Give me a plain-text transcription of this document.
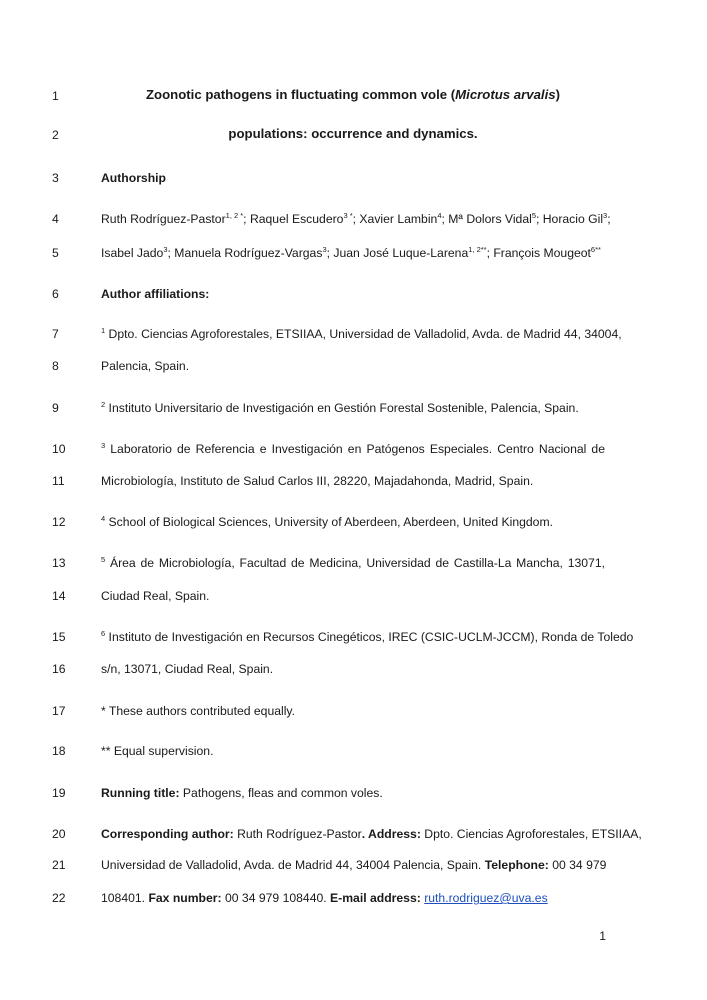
1
2
3
4
5
6
7
8
9
10
11
12
13
14
15
16
17
18
19
20
21
22
Zoonotic pathogens in fluctuating common vole (Microtus arvalis)
populations: occurrence and dynamics.
Authorship
Ruth Rodríguez-Pastor$^{1, 2 *}$; Raquel Escudero$^{3 *}$; Xavier Lambin$^4$; Mª Dolors Vidal$^5$; Horacio Gil$^3$;
Isabel Jado$^3$; Manuela Rodríguez-Vargas$^3$; Juan José Luque-Larena$^{1, 2**}$; François Mougeot$^{6**}$
Author affiliations:
$^1$ Dpto. Ciencias Agroforestales, ETSIIAA, Universidad de Valladolid, Avda. de Madrid 44, 34004,
Palencia, Spain.
$^2$ Instituto Universitario de Investigación en Gestión Forestal Sostenible, Palencia, Spain.
$^3$ Laboratorio de Referencia e Investigación en Patógenos Especiales. Centro Nacional de
Microbiología, Instituto de Salud Carlos III, 28220, Majadahonda, Madrid, Spain.
$^4$ School of Biological Sciences, University of Aberdeen, Aberdeen, United Kingdom.
$^5$ Área de Microbiología, Facultad de Medicina, Universidad de Castilla-La Mancha, 13071,
Ciudad Real, Spain.
$^6$ Instituto de Investigación en Recursos Cinegéticos, IREC (CSIC-UCLM-JCCM), Ronda de Toledo
s/n, 13071, Ciudad Real, Spain.
* These authors contributed equally.
** Equal supervision.
Running title: Pathogens, fleas and common voles.
Corresponding author: Ruth Rodríguez-Pastor. Address: Dpto. Ciencias Agroforestales, ETSIIAA,
Universidad de Valladolid, Avda. de Madrid 44, 34004 Palencia, Spain. Telephone: 00 34 979
108401. Fax number: 00 34 979 108440. E-mail address: ruth.rodriguez@uva.es
1
